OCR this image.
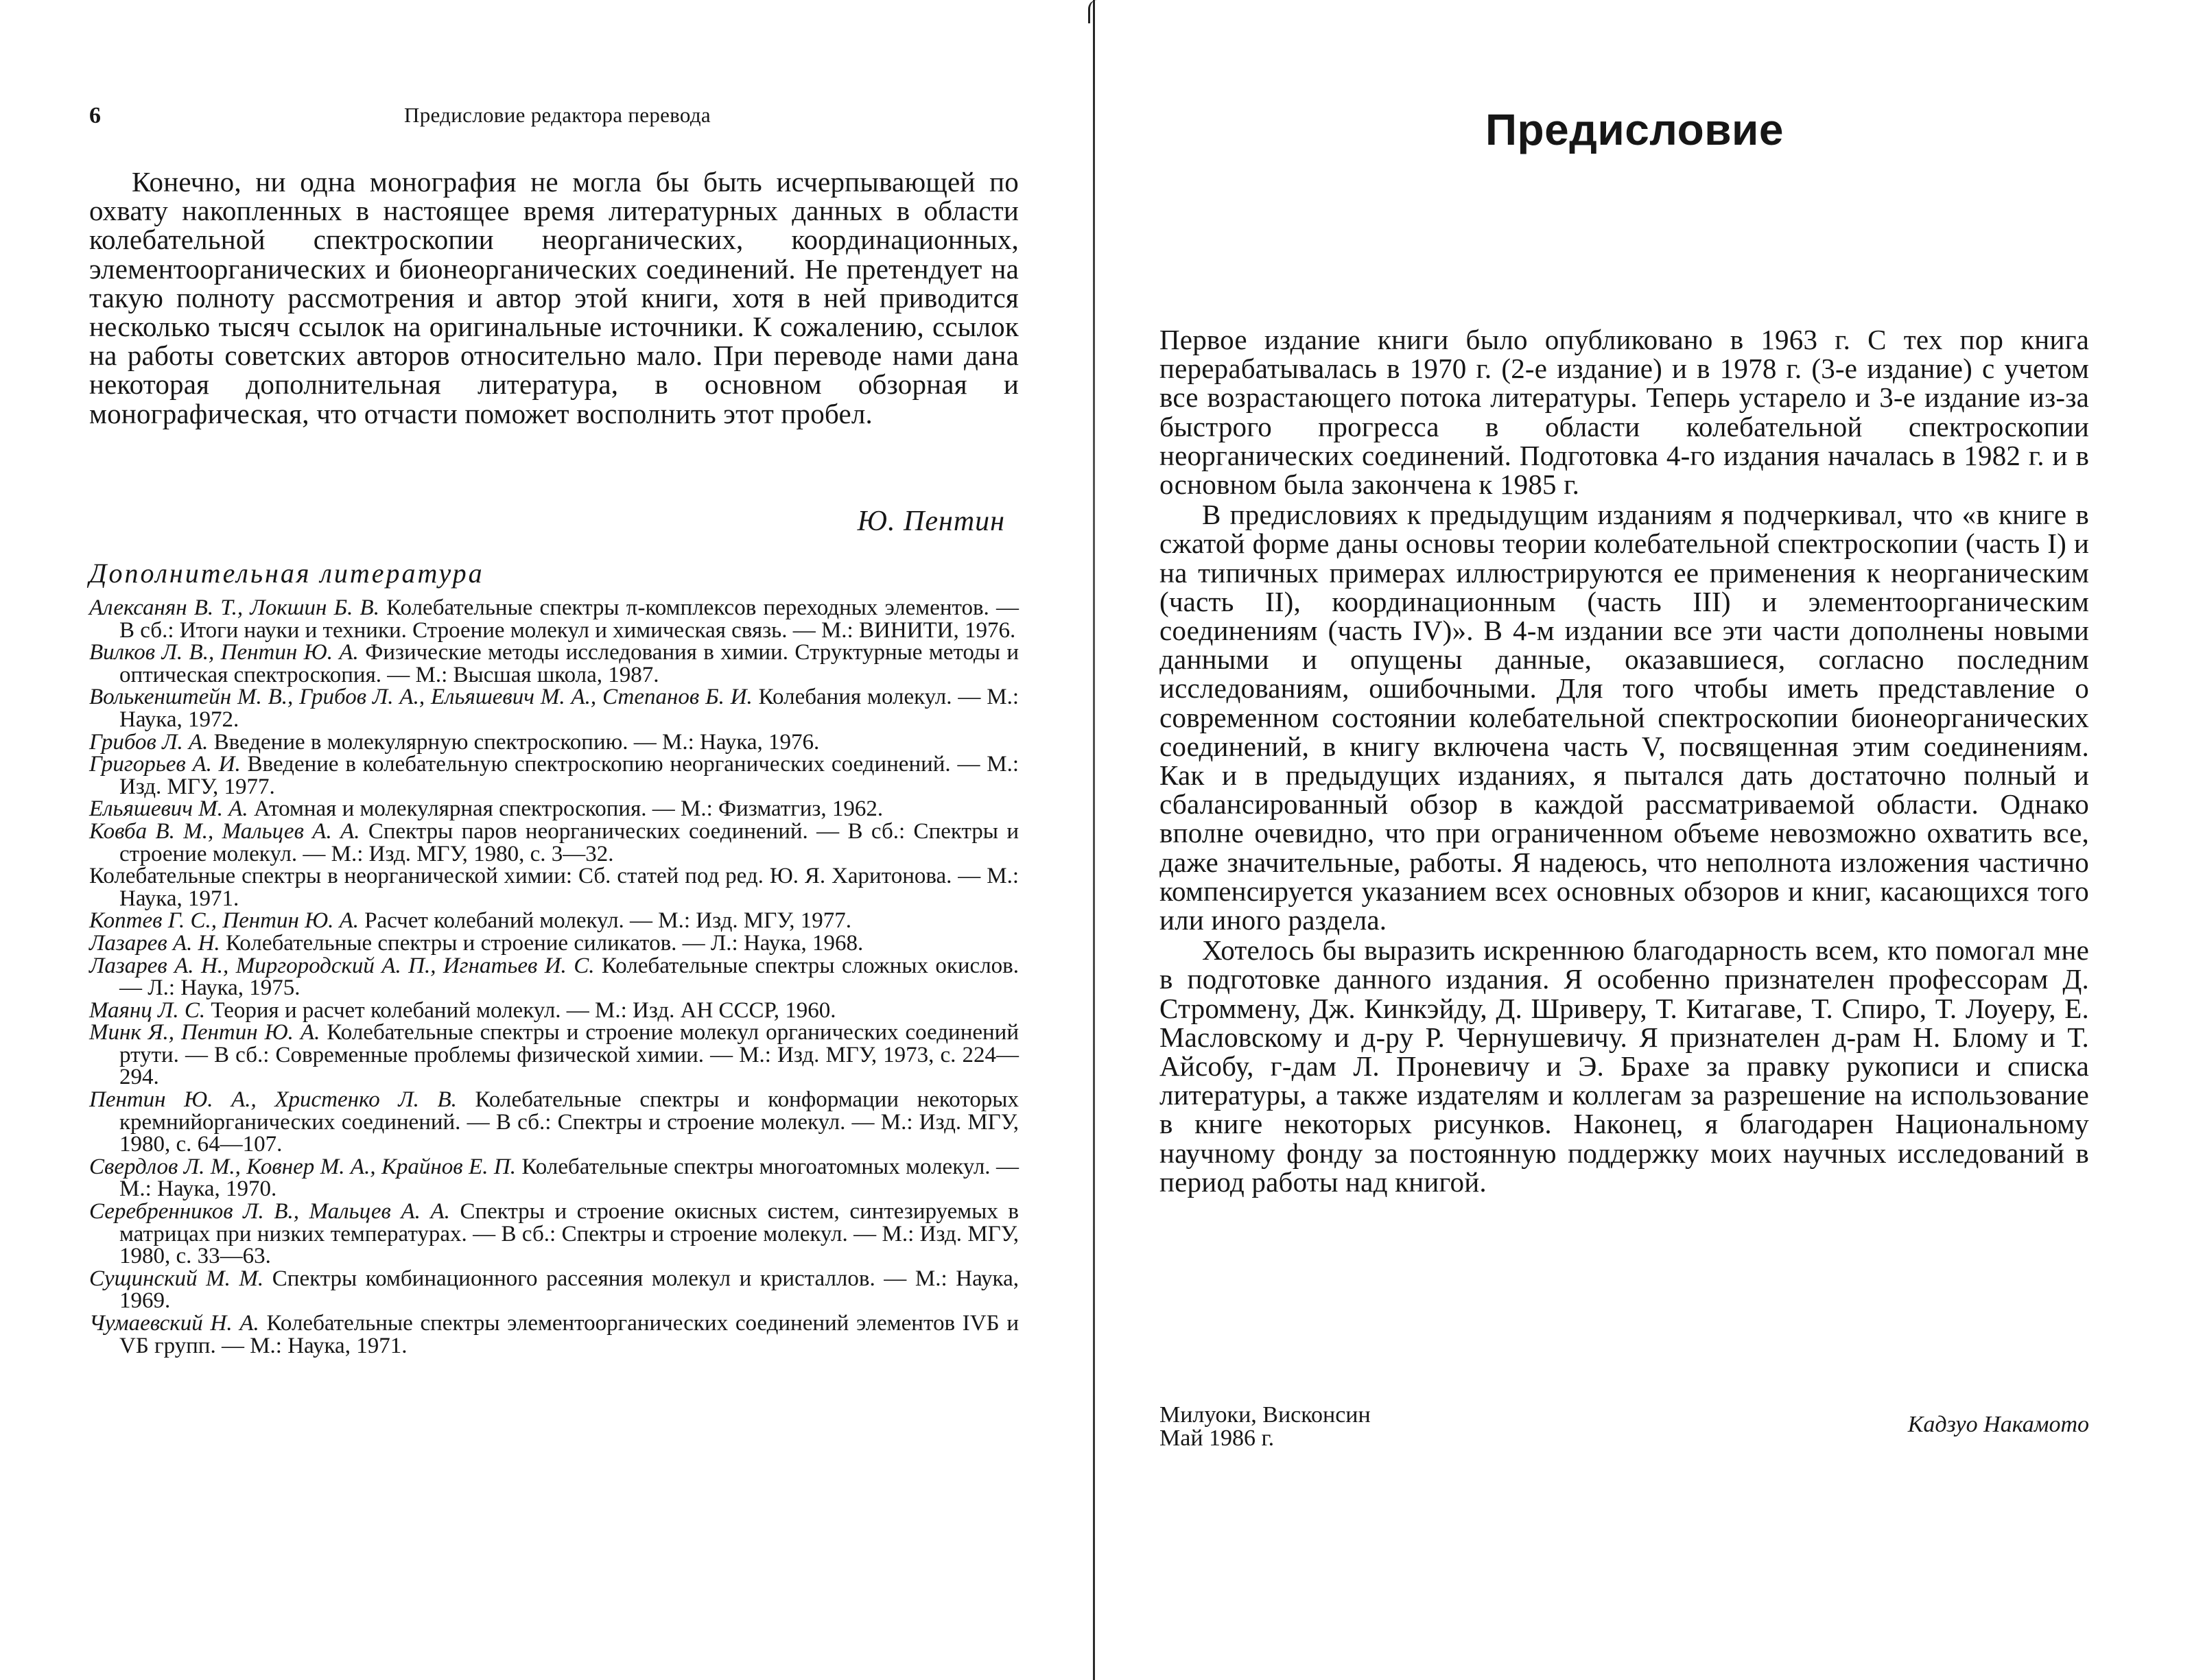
6	Предисловие редактора перевода

Конечно, ни одна монография не могла бы быть исчерпывающей по охвату накопленных в настоящее время литературных данных в области колебательной спектроскопии неорганических, координационных, элементоорганических и бионеорганических соединений. Не претендует на такую полноту рассмотрения и автор этой книги, хотя в ней приводится несколько тысяч ссылок на оригинальные источники. К сожалению, ссылок на работы советских авторов относительно мало. При переводе нами дана некоторая дополнительная литература, в основном обзорная и монографическая, что отчасти поможет восполнить этот пробел.

Ю. Пентин
Дополнительная литература

Алексанян В. Т., Локшин Б. В. Колебательные спектры π-комплексов переходных элементов. — В сб.: Итоги науки и техники. Строение молекул и химическая связь. — М.: ВИНИТИ, 1976.

Вилков Л. В., Пентин Ю. А. Физические методы исследования в химии. Структурные методы и оптическая спектроскопия. — М.: Высшая школа, 1987.

Волькенштейн М. В., Грибов Л. А., Ельяшевич М. А., Степанов Б. И. Колебания молекул. — М.: Наука, 1972.

Грибов Л. А. Введение в молекулярную спектроскопию. — М.: Наука, 1976.

Григорьев А. И. Введение в колебательную спектроскопию неорганических соединений. — М.: Изд. МГУ, 1977.

Ельяшевич М. А. Атомная и молекулярная спектроскопия. — М.: Физматгиз, 1962.

Ковба В. М., Мальцев А. А. Спектры паров неорганических соединений. — В сб.: Спектры и строение молекул. — М.: Изд. МГУ, 1980, с. 3—32.

Колебательные спектры в неорганической химии: Сб. статей под ред. Ю. Я. Харитонова. — М.: Наука, 1971.

Коптев Г. С., Пентин Ю. А. Расчет колебаний молекул. — М.: Изд. МГУ, 1977.

Лазарев А. Н. Колебательные спектры и строение силикатов. — Л.: Наука, 1968.

Лазарев А. Н., Миргородский А. П., Игнатьев И. С. Колебательные спектры сложных окислов. — Л.: Наука, 1975.

Маянц Л. С. Теория и расчет колебаний молекул. — М.: Изд. АН СССР, 1960.

Минк Я., Пентин Ю. А. Колебательные спектры и строение молекул органических соединений ртути. — В сб.: Современные проблемы физической химии. — М.: Изд. МГУ, 1973, с. 224—294.

Пентин Ю. А., Христенко Л. В. Колебательные спектры и конформации некоторых кремнийорганических соединений. — В сб.: Спектры и строение молекул. — М.: Изд. МГУ, 1980, с. 64—107.

Свердлов Л. М., Ковнер М. А., Крайнов Е. П. Колебательные спектры многоатомных молекул. — М.: Наука, 1970.

Серебренников Л. В., Мальцев А. А. Спектры и строение окисных систем, синтезируемых в матрицах при низких температурах. — В сб.: Спектры и строение молекул. — М.: Изд. МГУ, 1980, с. 33—63.

Сущинский М. М. Спектры комбинационного рассеяния молекул и кристаллов. — М.: Наука, 1969.

Чумаевский Н. А. Колебательные спектры элементоорганических соединений элементов IVБ и VБ групп. — М.: Наука, 1971.

Предисловие

Первое издание книги было опубликовано в 1963 г. С тех пор книга перерабатывалась в 1970 г. (2-е издание) и в 1978 г. (3-е издание) с учетом все возрастающего потока литературы. Теперь устарело и 3-е издание из-за быстрого прогресса в области колебательной спектроскопии неорганических соединений. Подготовка 4-го издания началась в 1982 г. и в основном была закончена к 1985 г.

В предисловиях к предыдущим изданиям я подчеркивал, что «в книге в сжатой форме даны основы теории колебательной спектроскопии (часть I) и на типичных примерах иллюстрируются ее применения к неорганическим (часть II), координационным (часть III) и элементоорганическим соединениям (часть IV)». В 4-м издании все эти части дополнены новыми данными и опущены данные, оказавшиеся, согласно последним исследованиям, ошибочными. Для того чтобы иметь представление о современном состоянии колебательной спектроскопии бионеорганических соединений, в книгу включена часть V, посвященная этим соединениям. Как и в предыдущих изданиях, я пытался дать достаточно полный и сбалансированный обзор в каждой рассматриваемой области. Однако вполне очевидно, что при ограниченном объеме невозможно охватить все, даже значительные, работы. Я надеюсь, что неполнота изложения частично компенсируется указанием всех основных обзоров и книг, касающихся того или иного раздела.

Хотелось бы выразить искреннюю благодарность всем, кто помогал мне в подготовке данного издания. Я особенно признателен профессорам Д. Строммену, Дж. Кинкэйду, Д. Шриверу, Т. Китагаве, Т. Спиро, Т. Лоуеру, Е. Масловскому и д-ру Р. Чернушевичу. Я признателен д-рам Н. Блому и Т. Айсобу, г-дам Л. Проневичу и Э. Брахе за правку рукописи и списка литературы, а также издателям и коллегам за разрешение на использование в книге некоторых рисунков. Наконец, я благодарен Национальному научному фонду за постоянную поддержку моих научных исследований в период работы над книгой.

Милуоки, Висконсин
Май 1986 г.
Кадзуо Накамото
